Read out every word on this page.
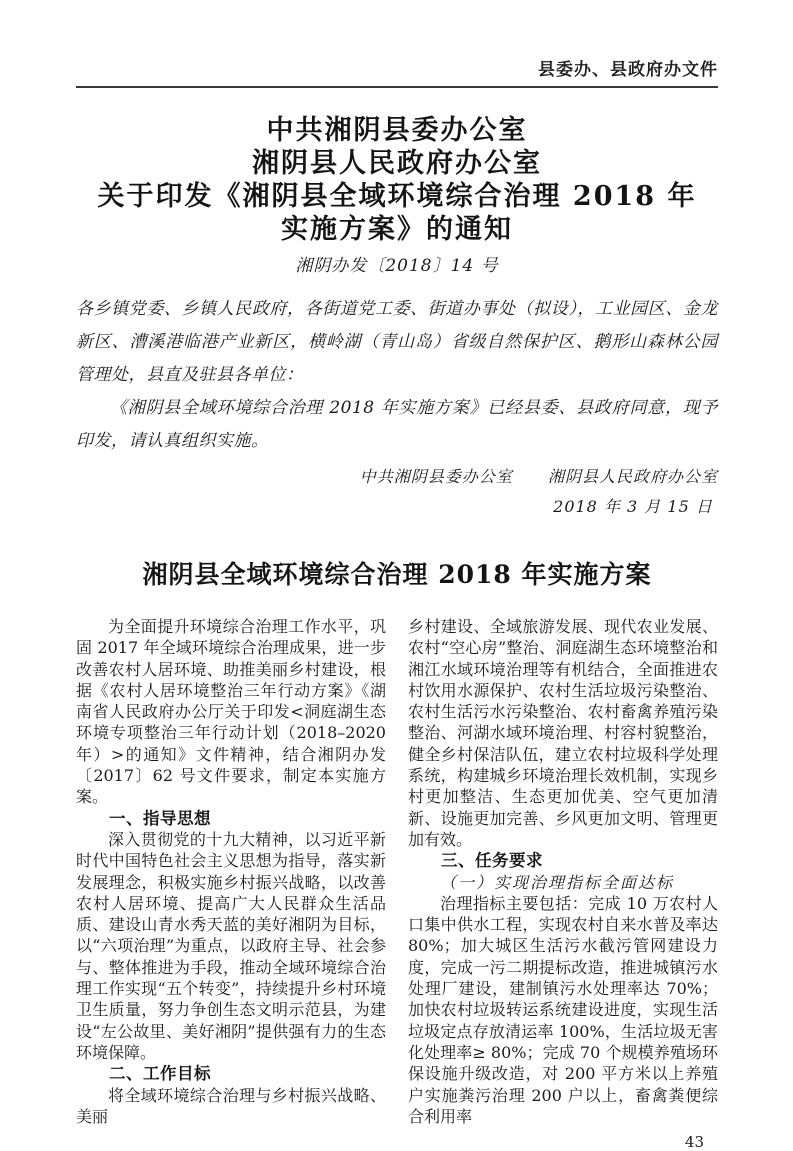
县委办、县政府办文件
中共湘阴县委办公室
湘阴县人民政府办公室
关于印发《湘阴县全域环境综合治理 2018 年
实施方案》的通知
湘阴办发〔2018〕14 号
各乡镇党委、乡镇人民政府，各街道党工委、街道办事处（拟设），工业园区、金龙新区、漕溪港临港产业新区，横岭湖（青山岛）省级自然保护区、鹅形山森林公园管理处，县直及驻县各单位：
《湘阴县全域环境综合治理 2018 年实施方案》已经县委、县政府同意，现予印发，请认真组织实施。
中共湘阴县委办公室 湘阴县人民政府办公室
2018 年 3 月 15 日
湘阴县全域环境综合治理 2018 年实施方案

为全面提升环境综合治理工作水平，巩固 2017 年全域环境综合治理成果，进一步改善农村人居环境、助推美丽乡村建设，根据《农村人居环境整治三年行动方案》《湖南省人民政府办公厅关于印发<洞庭湖生态环境专项整治三年行动计划（2018–2020 年）>的通知》文件精神，结合湘阴办发〔2017〕62 号文件要求，制定本实施方案。

一、指导思想

深入贯彻党的十九大精神，以习近平新时代中国特色社会主义思想为指导，落实新发展理念，积极实施乡村振兴战略，以改善农村人居环境、提高广大人民群众生活品质、建设山青水秀天蓝的美好湘阴为目标，以“六项治理”为重点，以政府主导、社会参与、整体推进为手段，推动全域环境综合治理工作实现“五个转变”，持续提升乡村环境卫生质量，努力争创生态文明示范县，为建设“左公故里、美好湘阴”提供强有力的生态环境保障。

二、工作目标

将全域环境综合治理与乡村振兴战略、美丽

乡村建设、全域旅游发展、现代农业发展、农村“空心房”整治、洞庭湖生态环境整治和湘江水域环境治理等有机结合，全面推进农村饮用水源保护、农村生活垃圾污染整治、农村生活污水污染整治、农村畜禽养殖污染整治、河湖水域环境治理、村容村貌整治，健全乡村保洁队伍，建立农村垃圾科学处理系统，构建城乡环境治理长效机制，实现乡村更加整洁、生态更加优美、空气更加清新、设施更加完善、乡风更加文明、管理更加有效。

三、任务要求

（一）实现治理指标全面达标

治理指标主要包括：完成 10 万农村人口集中供水工程，实现农村自来水普及率达 80%；加大城区生活污水截污管网建设力度，完成一污二期提标改造，推进城镇污水处理厂建设，建制镇污水处理率达 70%；加快农村垃圾转运系统建设进度，实现生活垃圾定点存放清运率 100%，生活垃圾无害化处理率≥ 80%；完成 70 个规模养殖场环保设施升级改造，对 200 平方米以上养殖户实施粪污治理 200 户以上，畜禽粪便综合利用率

43
